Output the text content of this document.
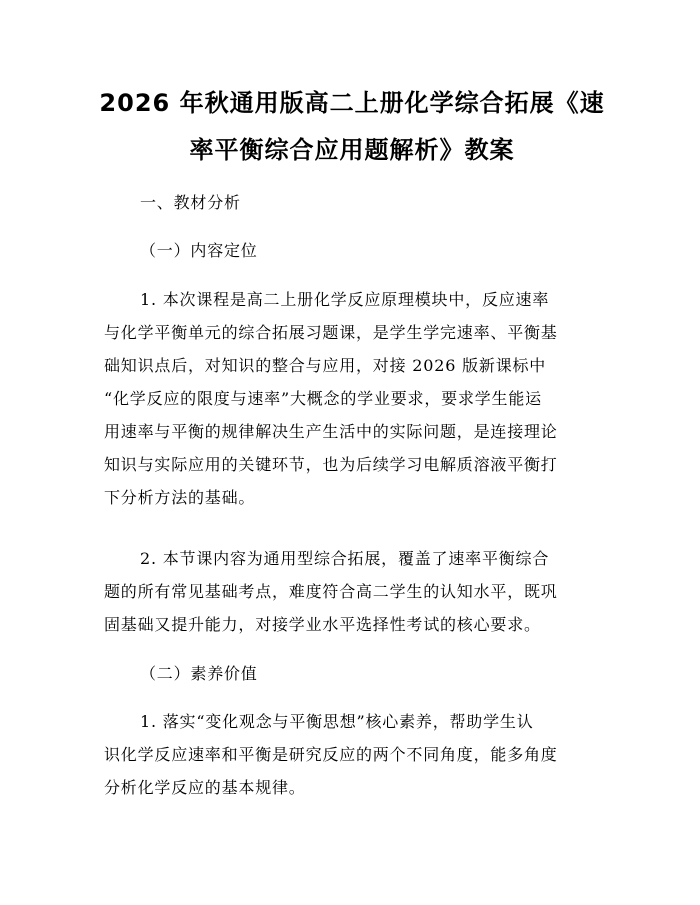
2026 年秋通用版高二上册化学综合拓展《速
率平衡综合应用题解析》教案
一、教材分析
（一）内容定位
1. 本次课程是高二上册化学反应原理模块中，反应速率
与化学平衡单元的综合拓展习题课，是学生学完速率、平衡基
础知识点后，对知识的整合与应用，对接 2026 版新课标中
“化学反应的限度与速率”大概念的学业要求，要求学生能运
用速率与平衡的规律解决生产生活中的实际问题，是连接理论
知识与实际应用的关键环节，也为后续学习电解质溶液平衡打
下分析方法的基础。
2. 本节课内容为通用型综合拓展，覆盖了速率平衡综合
题的所有常见基础考点，难度符合高二学生的认知水平，既巩
固基础又提升能力，对接学业水平选择性考试的核心要求。
（二）素养价值
1. 落实“变化观念与平衡思想”核心素养，帮助学生认
识化学反应速率和平衡是研究反应的两个不同角度，能多角度
分析化学反应的基本规律。
